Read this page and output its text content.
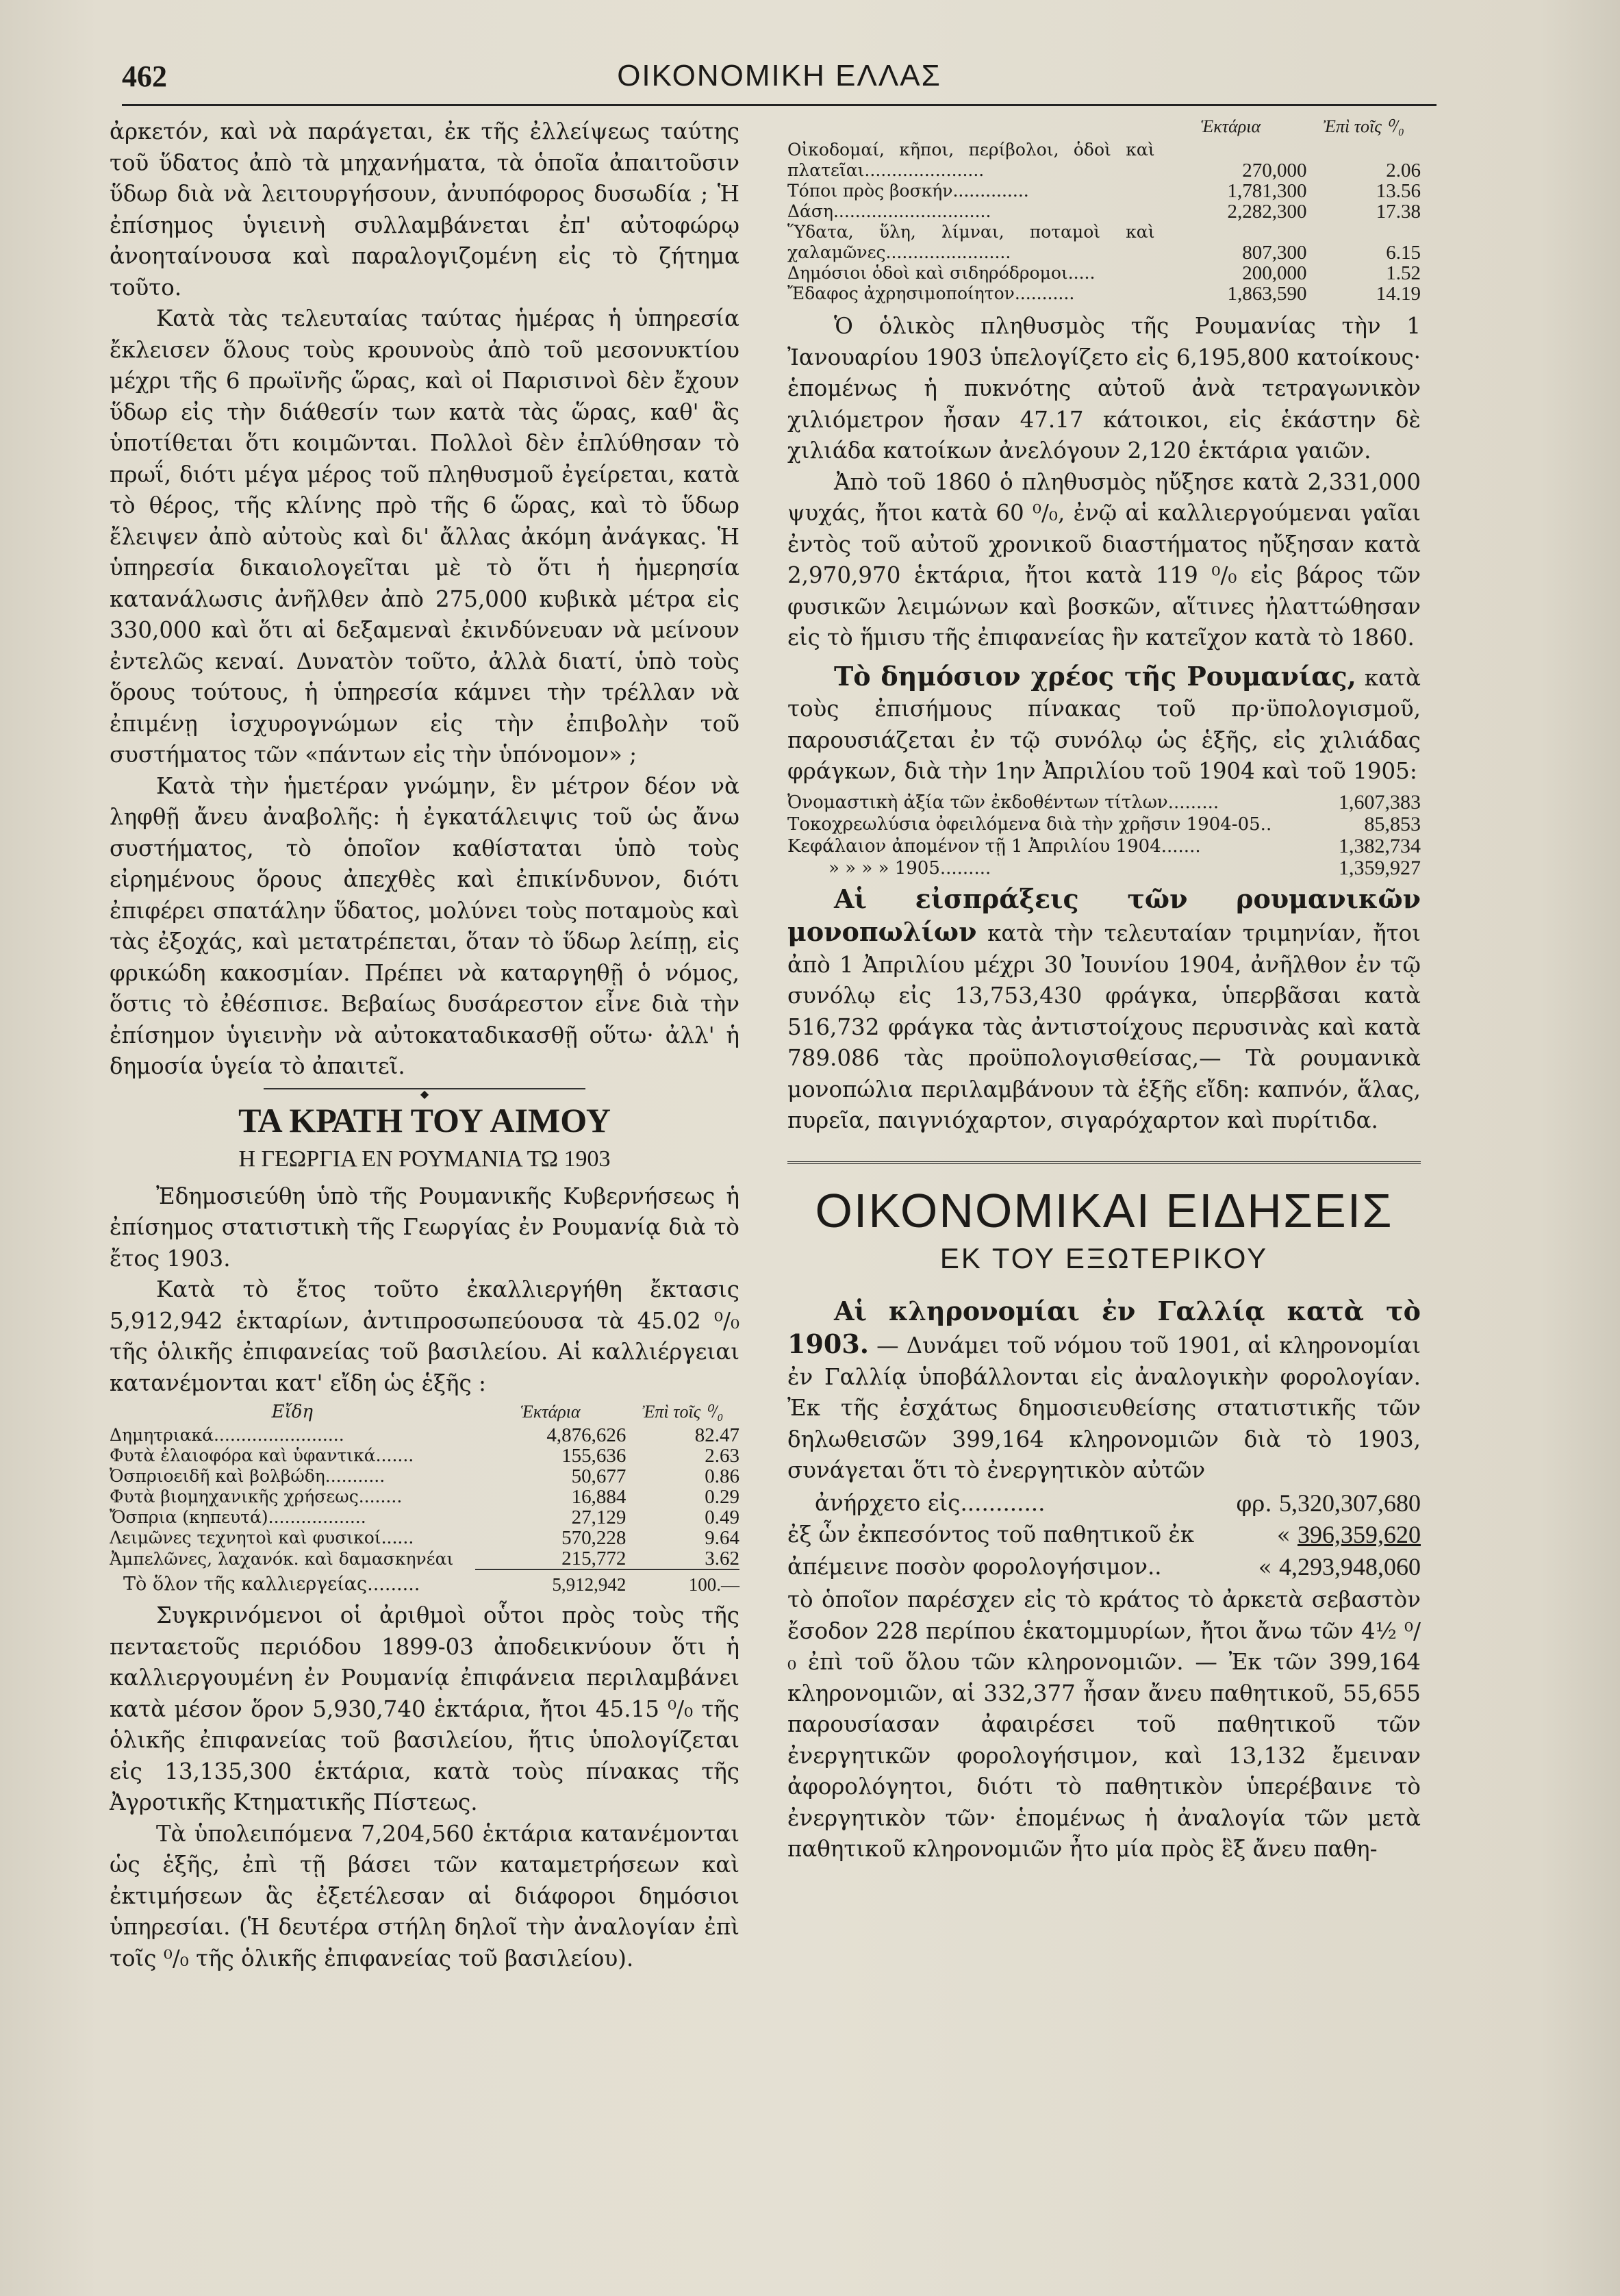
462	ΟΙΚΟΝΟΜΙΚΗ ΕΛΛΑΣ

ἀρκετόν, καὶ νὰ παράγεται, ἐκ τῆς ἐλλείψεως ταύτης τοῦ ὕδατος ἀπὸ τὰ μηχανήματα, τὰ ὁποῖα ἀπαιτοῦσιν ὕδωρ διὰ νὰ λειτουργήσουν, ἀνυπόφορος δυσωδία ; Ἡ ἐπίσημος ὑγιεινὴ συλλαμβάνεται ἐπ' αὐτοφώρῳ ἀνοηταίνουσα καὶ παραλογιζομένη εἰς τὸ ζήτημα τοῦτο.

Κατὰ τὰς τελευταίας ταύτας ἡμέρας ἡ ὑπηρεσία ἔκλεισεν ὅλους τοὺς κρουνοὺς ἀπὸ τοῦ μεσονυκτίου μέχρι τῆς 6 πρωϊνῆς ὥρας, καὶ οἱ Παρισινοὶ δὲν ἔχουν ὕδωρ εἰς τὴν διάθεσίν των κατὰ τὰς ὥρας, καθ' ἃς ὑποτίθεται ὅτι κοιμῶνται. Πολλοὶ δὲν ἐπλύθησαν τὸ πρωΐ, διότι μέγα μέρος τοῦ πληθυσμοῦ ἐγείρεται, κατὰ τὸ θέρος, τῆς κλίνης πρὸ τῆς 6 ὥρας, καὶ τὸ ὕδωρ ἔλειψεν ἀπὸ αὐτοὺς καὶ δι' ἄλλας ἀκόμη ἀνάγκας. Ἡ ὑπηρεσία δικαιολογεῖται μὲ τὸ ὅτι ἡ ἡμερησία κατανάλωσις ἀνῆλθεν ἀπὸ 275,000 κυβικὰ μέτρα εἰς 330,000 καὶ ὅτι αἱ δεξαμεναὶ ἐκινδύνευαν νὰ μείνουν ἐντελῶς κεναί. Δυνατὸν τοῦτο, ἀλλὰ διατί, ὑπὸ τοὺς ὅρους τούτους, ἡ ὑπηρεσία κάμνει τὴν τρέλλαν νὰ ἐπιμένῃ ἰσχυρογνώμων εἰς τὴν ἐπιβολὴν τοῦ συστήματος τῶν «πάντων εἰς τὴν ὑπόνομον» ;

Κατὰ τὴν ἡμετέραν γνώμην, ἓν μέτρον δέον νὰ ληφθῇ ἄνευ ἀναβολῆς: ἡ ἐγκατάλειψις τοῦ ὡς ἄνω συστήματος, τὸ ὁποῖον καθίσταται ὑπὸ τοὺς εἰρημένους ὅρους ἀπεχθὲς καὶ ἐπικίνδυνον, διότι ἐπιφέρει σπατάλην ὕδατος, μολύνει τοὺς ποταμοὺς καὶ τὰς ἐξοχάς, καὶ μετατρέπεται, ὅταν τὸ ὕδωρ λείπῃ, εἰς φρικώδη κακοσμίαν. Πρέπει νὰ καταργηθῇ ὁ νόμος, ὅστις τὸ ἐθέσπισε. Βεβαίως δυσάρεστον εἶνε διὰ τὴν ἐπίσημον ὑγιεινὴν νὰ αὐτοκαταδικασθῇ οὕτω· ἀλλ' ἡ δημοσία ὑγεία τὸ ἀπαιτεῖ.

◆
ΤΑ ΚΡΑΤΗ ΤΟΥ ΑΙΜΟΥ
Η ΓΕΩΡΓΙΑ ΕΝ ΡΟΥΜΑΝΙΑ ΤΩ 1903

Ἐδημοσιεύθη ὑπὸ τῆς Ρουμανικῆς Κυβερνήσεως ἡ ἐπίσημος στατιστικὴ τῆς Γεωργίας ἐν Ρουμανίᾳ διὰ τὸ ἔτος 1903.

Κατὰ τὸ ἔτος τοῦτο ἐκαλλιεργήθη ἔκτασις 5,912,942 ἑκταρίων, ἀντιπροσωπεύουσα τὰ 45.02 ⁰/₀ τῆς ὁλικῆς ἐπιφανείας τοῦ βασιλείου. Αἱ καλλιέργειαι κατανέμονται κατ' εἴδη ὡς ἑξῆς :

Εἴδη	Ἑκτάρια	Ἐπὶ τοῖς ⁰/₀
Δημητριακά........................	4,876,626	82.47
Φυτὰ ἐλαιοφόρα καὶ ὑφαντικά.......	155,636	2.63
Ὀσπριοειδῆ καὶ βολβώδη...........	50,677	0.86
Φυτὰ βιομηχανικῆς χρήσεως........	16,884	0.29
Ὄσπρια (κηπευτά)..................	27,129	0.49
Λειμῶνες τεχνητοὶ καὶ φυσικοί......	570,228	9.64
Ἀμπελῶνες, λαχανόκ. καὶ δαμασκηνέαι	215,772	3.62
Τὸ ὅλον τῆς καλλιεργείας.........	5,912,942	100.—

Συγκρινόμενοι οἱ ἀριθμοὶ οὗτοι πρὸς τοὺς τῆς πενταετοῦς περιόδου 1899-03 ἀποδεικνύουν ὅτι ἡ καλλιεργουμένη ἐν Ρουμανίᾳ ἐπιφάνεια περιλαμβάνει κατὰ μέσον ὅρον 5,930,740 ἑκτάρια, ἤτοι 45.15 ⁰/₀ τῆς ὁλικῆς ἐπιφανείας τοῦ βασιλείου, ἥτις ὑπολογίζεται εἰς 13,135,300 ἑκτάρια, κατὰ τοὺς πίνακας τῆς Ἀγροτικῆς Κτηματικῆς Πίστεως.

Τὰ ὑπολειπόμενα 7,204,560 ἑκτάρια κατανέμονται ὡς ἑξῆς, ἐπὶ τῇ βάσει τῶν καταμετρήσεων καὶ ἐκτιμήσεων ἃς ἐξετέλεσαν αἱ διάφοροι δημόσιοι ὑπηρεσίαι. (Ἡ δευτέρα στήλη δηλοῖ τὴν ἀναλογίαν ἐπὶ τοῖς ⁰/₀ τῆς ὁλικῆς ἐπιφανείας τοῦ βασιλείου).

	Ἑκτάρια	Ἐπὶ τοῖς ⁰/₀
Οἰκοδομαί, κῆποι, περίβολοι, ὁδοὶ καὶ πλατεῖαι......................	270,000	2.06
Τόποι πρὸς βοσκήν..............	1,781,300	13.56
Δάση.............................	2,282,300	17.38
Ὕδατα, ὕλη, λίμναι, ποταμοὶ καὶ χαλαμῶνες.......................	807,300	6.15
Δημόσιοι ὁδοὶ καὶ σιδηρόδρομοι.....	200,000	1.52
Ἔδαφος ἀχρησιμοποίητον...........	1,863,590	14.19

Ὁ ὁλικὸς πληθυσμὸς τῆς Ρουμανίας τὴν 1 Ἰανουαρίου 1903 ὑπελογίζετο εἰς 6,195,800 κατοίκους· ἑπομένως ἡ πυκνότης αὐτοῦ ἀνὰ τετραγωνικὸν χιλιόμετρον ἦσαν 47.17 κάτοικοι, εἰς ἑκάστην δὲ χιλιάδα κατοίκων ἀνελόγουν 2,120 ἑκτάρια γαιῶν.

Ἀπὸ τοῦ 1860 ὁ πληθυσμὸς ηὔξησε κατὰ 2,331,000 ψυχάς, ἤτοι κατὰ 60 ⁰/₀, ἐνῷ αἱ καλλιεργούμεναι γαῖαι ἐντὸς τοῦ αὐτοῦ χρονικοῦ διαστήματος ηὔξησαν κατὰ 2,970,970 ἑκτάρια, ἤτοι κατὰ 119 ⁰/₀ εἰς βάρος τῶν φυσικῶν λειμώνων καὶ βοσκῶν, αἵτινες ἠλαττώθησαν εἰς τὸ ἥμισυ τῆς ἐπιφανείας ἣν κατεῖχον κατὰ τὸ 1860.

Τὸ δημόσιον χρέος τῆς Ρουμανίας, κατὰ τοὺς ἐπισήμους πίνακας τοῦ πρ·ϋπολογισμοῦ, παρουσιάζεται ἐν τῷ συνόλῳ ὡς ἑξῆς, εἰς χιλιάδας φράγκων, διὰ τὴν 1ην Ἀπριλίου τοῦ 1904 καὶ τοῦ 1905:

Ὀνομαστικὴ ἀξία τῶν ἐκδοθέντων τίτλων.........	1,607,383
Τοκοχρεωλύσια ὀφειλόμενα διὰ τὴν χρῆσιν 1904-05..	85,853
Κεφάλαιον ἀπομένον τῇ 1 Ἀπριλίου 1904.......	1,382,734
» » » » 1905.........	1,359,927

Αἱ εἰσπράξεις τῶν ρουμανικῶν μονοπωλίων κατὰ τὴν τελευταίαν τριμηνίαν, ἤτοι ἀπὸ 1 Ἀπριλίου μέχρι 30 Ἰουνίου 1904, ἀνῆλθον ἐν τῷ συνόλῳ εἰς 13,753,430 φράγκα, ὑπερβᾶσαι κατὰ 516,732 φράγκα τὰς ἀντιστοίχους περυσινὰς καὶ κατὰ 789.086 τὰς προϋπολογισθείσας,— Τὰ ρουμανικὰ μονοπώλια περιλαμβάνουν τὰ ἑξῆς εἴδη: καπνόν, ἅλας, πυρεῖα, παιγνιόχαρτον, σιγαρόχαρτον καὶ πυρίτιδα.

ΟΙΚΟΝΟΜΙΚΑΙ ΕΙΔΗΣΕΙΣ
ΕΚ ΤΟΥ ΕΞΩΤΕΡΙΚΟΥ

Αἱ κληρονομίαι ἐν Γαλλίᾳ κατὰ τὸ 1903. — Δυνάμει τοῦ νόμου τοῦ 1901, αἱ κληρονομίαι ἐν Γαλλίᾳ ὑποβάλλονται εἰς ἀναλογικὴν φορολογίαν. Ἐκ τῆς ἐσχάτως δημοσιευθείσης στατιστικῆς τῶν δηλωθεισῶν 399,164 κληρονομιῶν διὰ τὸ 1903, συνάγεται ὅτι τὸ ἐνεργητικὸν αὐτῶν

ἀνήρχετο εἰς............	φρ. 5,320,307,680
ἐξ ὧν ἐκπεσόντος τοῦ παθητικοῦ ἐκ	« 396,359,620
ἀπέμεινε ποσὸν φορολογήσιμον..	« 4,293,948,060

τὸ ὁποῖον παρέσχεν εἰς τὸ κράτος τὸ ἀρκετὰ σεβαστὸν ἔσοδον 228 περίπου ἑκατομμυρίων, ἤτοι ἄνω τῶν 4½ ⁰/₀ ἐπὶ τοῦ ὅλου τῶν κληρονομιῶν. — Ἐκ τῶν 399,164 κληρονομιῶν, αἱ 332,377 ἦσαν ἄνευ παθητικοῦ, 55,655 παρουσίασαν ἀφαιρέσει τοῦ παθητικοῦ τῶν ἐνεργητικῶν φορολογήσιμον, καὶ 13,132 ἔμειναν ἀφορολόγητοι, διότι τὸ παθητικὸν ὑπερέβαινε τὸ ἐνεργητικὸν τῶν· ἑπομένως ἡ ἀναλογία τῶν μετὰ παθητικοῦ κληρονομιῶν ἦτο μία πρὸς ἓξ ἄνευ παθη-
